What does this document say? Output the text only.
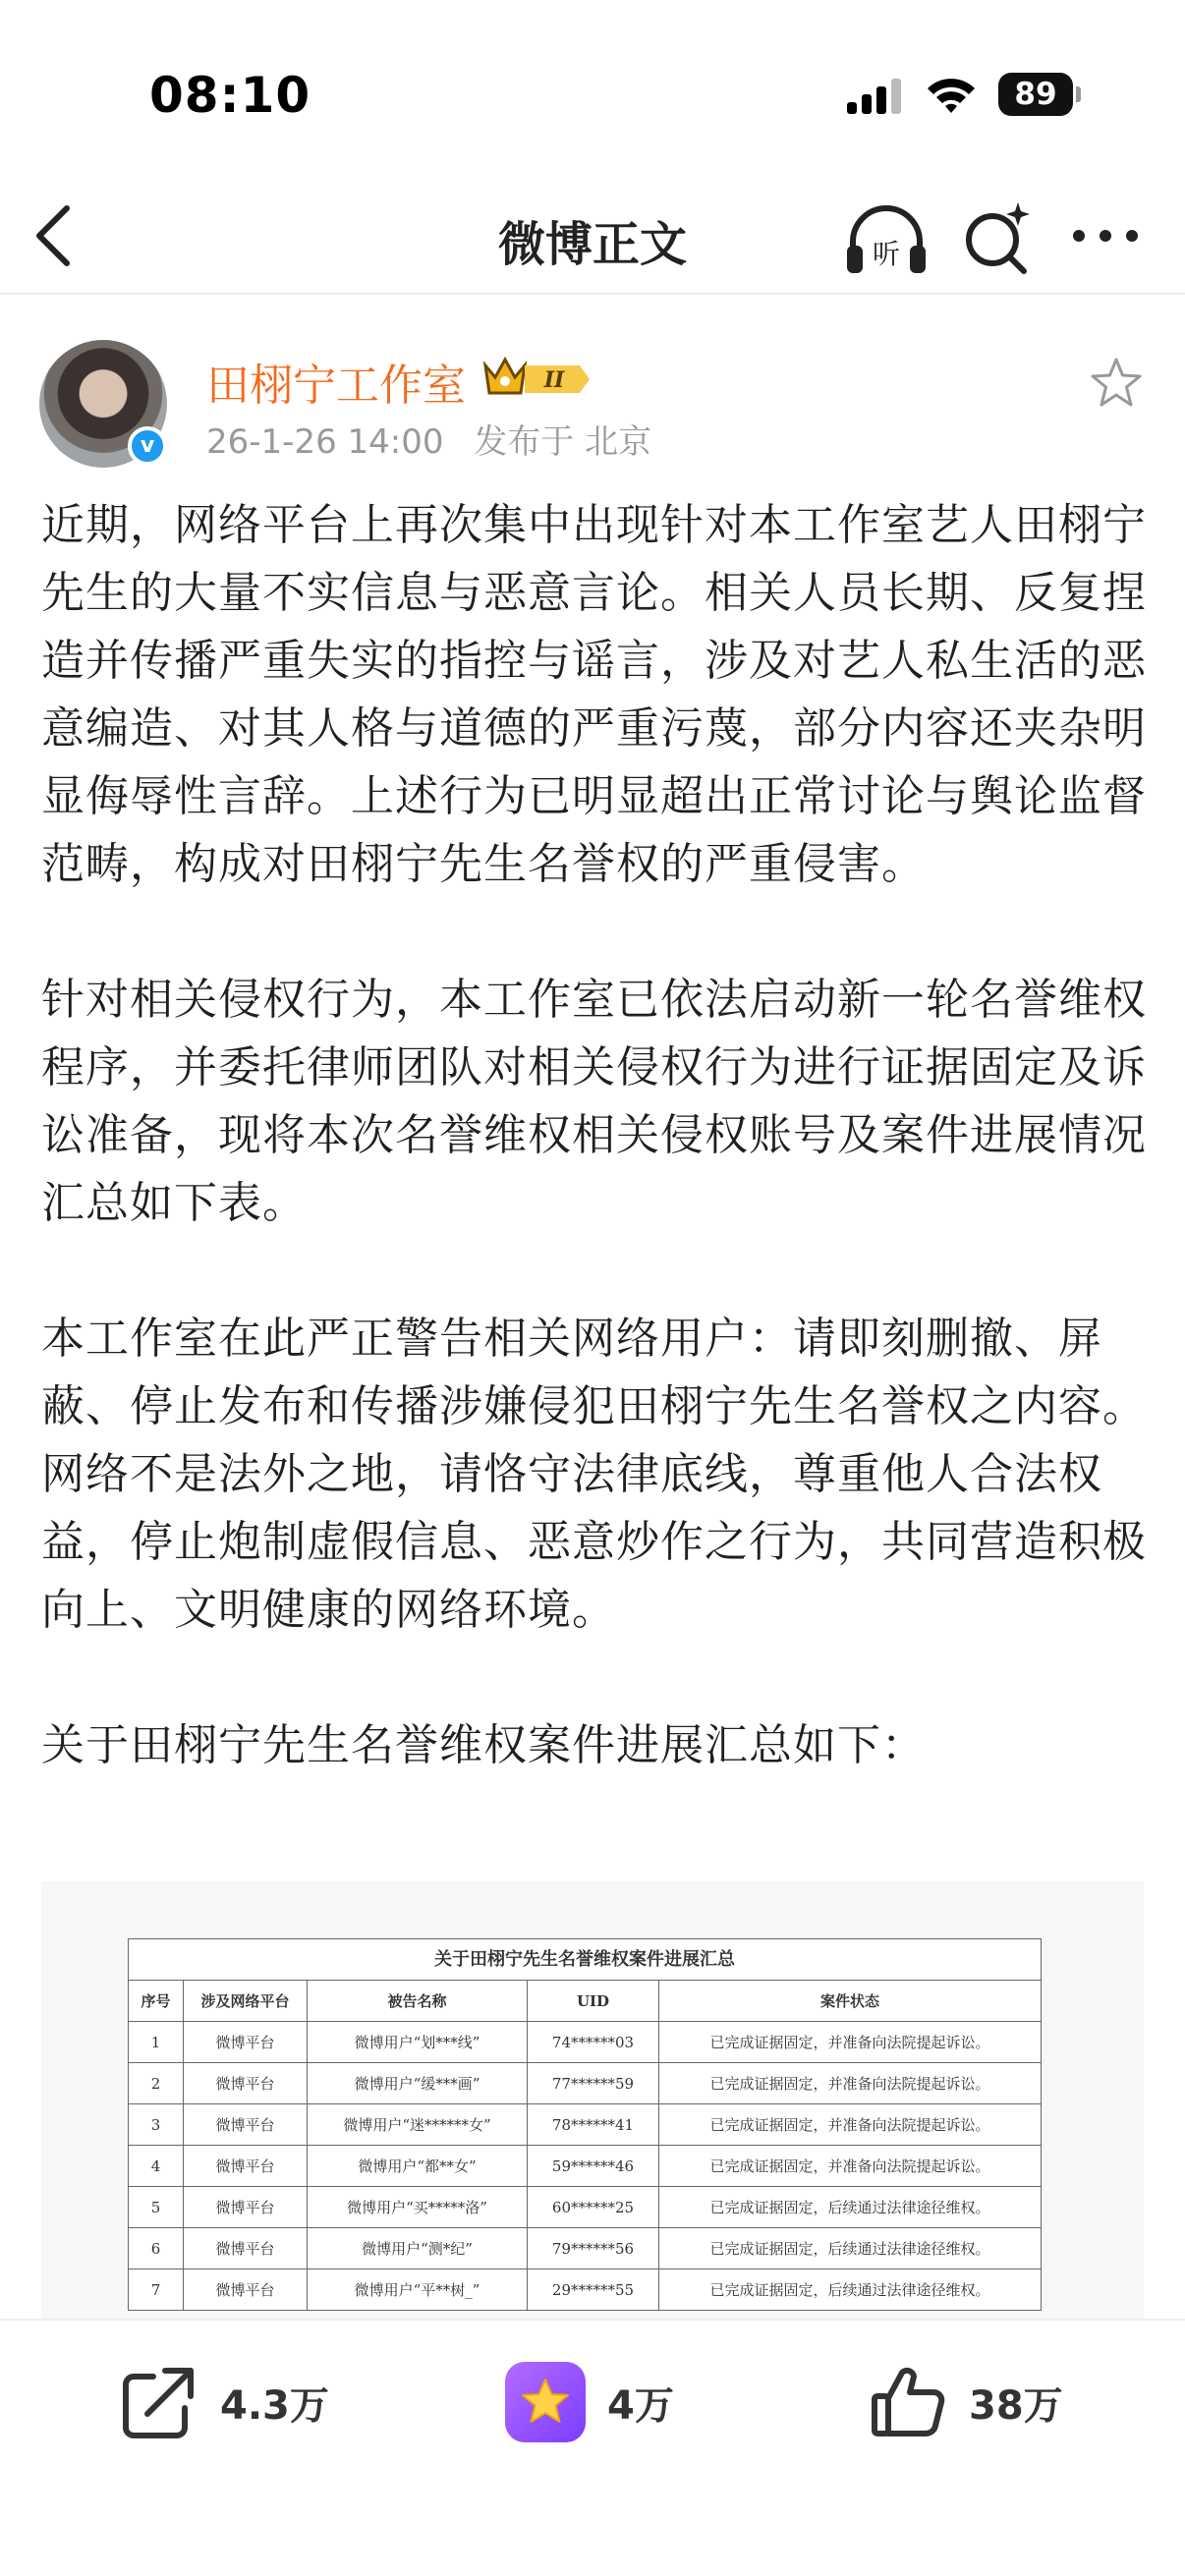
08:10	89
微博正文	听
v
田栩宁工作室	II
26-1-26 14:00 发布于 北京

近期，网络平台上再次集中出现针对本工作室艺人田栩宁先生的大量不实信息与恶意言论。相关人员长期、反复捏造并传播严重失实的指控与谣言，涉及对艺人私生活的恶意编造、对其人格与道德的严重污蔑，部分内容还夹杂明显侮辱性言辞。上述行为已明显超出正常讨论与舆论监督范畴，构成对田栩宁先生名誉权的严重侵害。

针对相关侵权行为，本工作室已依法启动新一轮名誉维权程序，并委托律师团队对相关侵权行为进行证据固定及诉讼准备，现将本次名誉维权相关侵权账号及案件进展情况汇总如下表。

本工作室在此严正警告相关网络用户：请即刻删撤、屏蔽、停止发布和传播涉嫌侵犯田栩宁先生名誉权之内容。网络不是法外之地，请恪守法律底线，尊重他人合法权益，停止炮制虚假信息、恶意炒作之行为，共同营造积极向上、文明健康的网络环境。

关于田栩宁先生名誉维权案件进展汇总如下：

关于田栩宁先生名誉维权案件进展汇总
序号	涉及网络平台	被告名称	UID	案件状态
1	微博平台	微博用户“划***线”	74******03	已完成证据固定，并准备向法院提起诉讼。
2	微博平台	微博用户“缓***画”	77******59	已完成证据固定，并准备向法院提起诉讼。
3	微博平台	微博用户“迷******女”	78******41	已完成证据固定，并准备向法院提起诉讼。
4	微博平台	微博用户“都**女”	59******46	已完成证据固定，并准备向法院提起诉讼。
5	微博平台	微博用户“买*****洛”	60******25	已完成证据固定，后续通过法律途径维权。
6	微博平台	微博用户“测*纪”	79******56	已完成证据固定，后续通过法律途径维权。
7	微博平台	微博用户“平**树_”	29******55	已完成证据固定，后续通过法律途径维权。
4.3万	4万	38万
